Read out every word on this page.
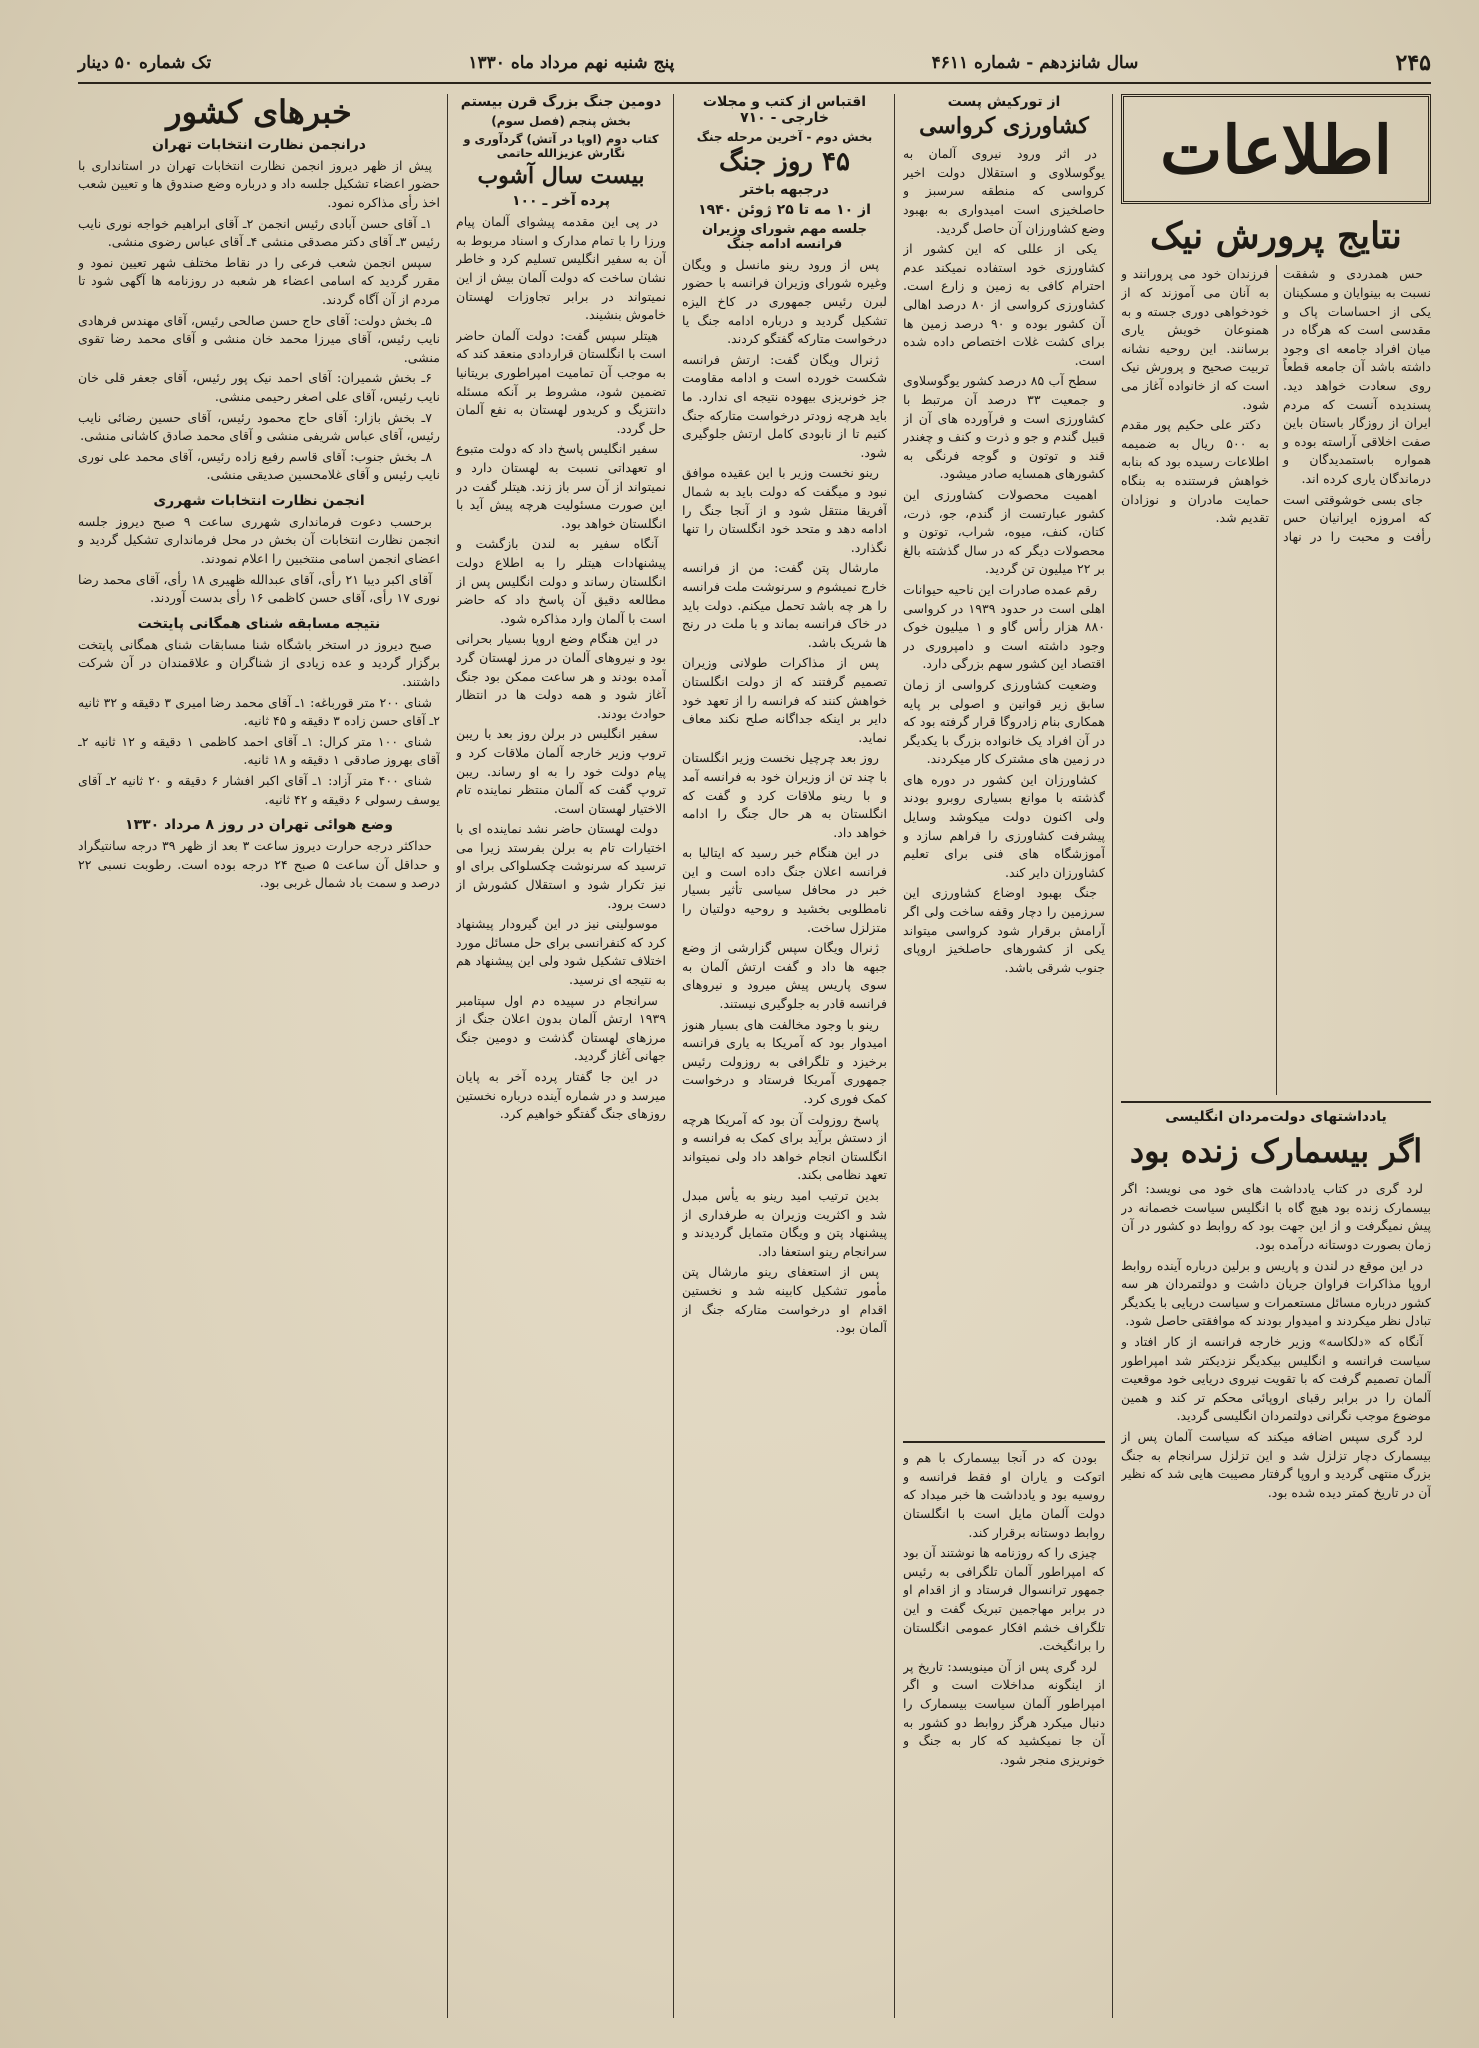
۲۴۵
سال شانزدهم - شماره ۴۶۱۱
پنج شنبه نهم مرداد ماه ۱۳۳۰
تک شماره ۵۰ دینار
اطلاعات
نتایج پرورش نیک

حس همدردی و شفقت نسبت به بینوایان و مسکینان یکی از احساسات پاک و مقدسی است که هرگاه در میان افراد جامعه ای وجود داشته باشد آن جامعه قطعاً روی سعادت خواهد دید. پسندیده آنست که مردم ایران از روزگار باستان باین صفت اخلاقی آراسته بوده و همواره باستمدیدگان و درماندگان یاری کرده اند.

جای بسی خوشوقتی است که امروزه ایرانیان حس رأفت و محبت را در نهاد فرزندان خود می پرورانند و به آنان می آموزند که از خودخواهی دوری جسته و به همنوعان خویش یاری برسانند. این روحیه نشانه تربیت صحیح و پرورش نیک است که از خانواده آغاز می شود.

دکتر علی حکیم پور مقدم به ۵۰۰ ریال به ضمیمه اطلاعات رسیده بود که بنابه خواهش فرستنده به بنگاه حمایت مادران و نوزادان تقدیم شد.

یادداشتهای دولت‌مردان انگلیسی
اگر بیسمارک زنده بود

لرد گری در کتاب یادداشت های خود می نویسد: اگر بیسمارک زنده بود هیچ گاه با انگلیس سیاست خصمانه در پیش نمیگرفت و از این جهت بود که روابط دو کشور در آن زمان بصورت دوستانه درآمده بود.

در این موقع در لندن و پاریس و برلین درباره آینده روابط اروپا مذاکرات فراوان جریان داشت و دولتمردان هر سه کشور درباره مسائل مستعمرات و سیاست دریایی با یکدیگر تبادل نظر میکردند و امیدوار بودند که موافقتی حاصل شود.

آنگاه که «دلکاسه» وزیر خارجه فرانسه از کار افتاد و سیاست فرانسه و انگلیس بیکدیگر نزدیکتر شد امپراطور آلمان تصمیم گرفت که با تقویت نیروی دریایی خود موقعیت آلمان را در برابر رقبای اروپائی محکم تر کند و همین موضوع موجب نگرانی دولتمردان انگلیسی گردید.

لرد گری سپس اضافه میکند که سیاست آلمان پس از بیسمارک دچار تزلزل شد و این تزلزل سرانجام به جنگ بزرگ منتهی گردید و اروپا گرفتار مصیبت هایی شد که نظیر آن در تاریخ کمتر دیده شده بود.

از تورکیش پست
کشاورزی کرواسی

در اثر ورود نیروی آلمان به یوگوسلاوی و استقلال دولت اخیر کرواسی که منطقه سرسبز و حاصلخیزی است امیدواری به بهبود وضع کشاورزان آن حاصل گردید.

یکی از عللی که این کشور از کشاورزی خود استفاده نمیکند عدم احترام کافی به زمین و زارع است. کشاورزی کرواسی از ۸۰ درصد اهالی آن کشور بوده و ۹۰ درصد زمین ها برای کشت غلات اختصاص داده شده است.

سطح آب ۸۵ درصد کشور یوگوسلاوی و جمعیت ۳۳ درصد آن مرتبط با کشاورزی است و فرآورده های آن از قبیل گندم و جو و ذرت و کنف و چغندر قند و توتون و گوجه فرنگی به کشورهای همسایه صادر میشود.

اهمیت محصولات کشاورزی این کشور عبارتست از گندم، جو، ذرت، کتان، کنف، میوه، شراب، توتون و محصولات دیگر که در سال گذشته بالغ بر ۲۲ میلیون تن گردید.

رقم عمده صادرات این ناحیه حیوانات اهلی است در حدود ۱۹۳۹ در کرواسی ۸۸۰ هزار رأس گاو و ۱ میلیون خوک وجود داشته است و دامپروری در اقتصاد این کشور سهم بزرگی دارد.

وضعیت کشاورزی کرواسی از زمان سابق زیر قوانین و اصولی بر پایه همکاری بنام زادروگا قرار گرفته بود که در آن افراد یک خانواده بزرگ با یکدیگر در زمین های مشترک کار میکردند.

کشاورزان این کشور در دوره های گذشته با موانع بسیاری روبرو بودند ولی اکنون دولت میکوشد وسایل پیشرفت کشاورزی را فراهم سازد و آموزشگاه های فنی برای تعلیم کشاورزان دایر کند.

جنگ بهبود اوضاع کشاورزی این سرزمین را دچار وقفه ساخت ولی اگر آرامش برقرار شود کرواسی میتواند یکی از کشورهای حاصلخیز اروپای جنوب شرقی باشد.

بودن که در آنجا بیسمارک با هم و اتوکت و یاران او فقط فرانسه و روسیه بود و یادداشت ها خبر میداد که دولت آلمان مایل است با انگلستان روابط دوستانه برقرار کند.

چیزی را که روزنامه ها نوشتند آن بود که امپراطور آلمان تلگرافی به رئیس جمهور ترانسوال فرستاد و از اقدام او در برابر مهاجمین تبریک گفت و این تلگراف خشم افکار عمومی انگلستان را برانگیخت.

لرد گری پس از آن مینویسد: تاریخ پر از اینگونه مداخلات است و اگر امپراطور آلمان سیاست بیسمارک را دنبال میکرد هرگز روابط دو کشور به آن جا نمیکشید که کار به جنگ و خونریزی منجر شود.

اقتباس از کتب و مجلات خارجی - ۷۱۰
بخش دوم - آخرین مرحله جنگ
۴۵ روز جنگ
درجبهه باختر
از ۱۰ مه تا ۲۵ ژوئن ۱۹۴۰
جلسه مهم شورای وزیران فرانسه ادامه جنگ

پس از ورود رینو مانسل و ویگان وغیره شورای وزیران فرانسه با حضور لبرن رئیس جمهوری در کاخ الیزه تشکیل گردید و درباره ادامه جنگ یا درخواست متارکه گفتگو کردند.

ژنرال ویگان گفت: ارتش فرانسه شکست خورده است و ادامه مقاومت جز خونریزی بیهوده نتیجه ای ندارد. ما باید هرچه زودتر درخواست متارکه جنگ کنیم تا از نابودی کامل ارتش جلوگیری شود.

رینو نخست وزیر با این عقیده موافق نبود و میگفت که دولت باید به شمال آفریقا منتقل شود و از آنجا جنگ را ادامه دهد و متحد خود انگلستان را تنها نگذارد.

مارشال پتن گفت: من از فرانسه خارج نمیشوم و سرنوشت ملت فرانسه را هر چه باشد تحمل میکنم. دولت باید در خاک فرانسه بماند و با ملت در رنج ها شریک باشد.

پس از مذاکرات طولانی وزیران تصمیم گرفتند که از دولت انگلستان خواهش کنند که فرانسه را از تعهد خود دایر بر اینکه جداگانه صلح نکند معاف نماید.

روز بعد چرچیل نخست وزیر انگلستان با چند تن از وزیران خود به فرانسه آمد و با رینو ملاقات کرد و گفت که انگلستان به هر حال جنگ را ادامه خواهد داد.

در این هنگام خبر رسید که ایتالیا به فرانسه اعلان جنگ داده است و این خبر در محافل سیاسی تأثیر بسیار نامطلوبی بخشید و روحیه دولتیان را متزلزل ساخت.

ژنرال ویگان سپس گزارشی از وضع جبهه ها داد و گفت ارتش آلمان به سوی پاریس پیش میرود و نیروهای فرانسه قادر به جلوگیری نیستند.

رینو با وجود مخالفت های بسیار هنوز امیدوار بود که آمریکا به یاری فرانسه برخیزد و تلگرافی به روزولت رئیس جمهوری آمریکا فرستاد و درخواست کمک فوری کرد.

پاسخ روزولت آن بود که آمریکا هرچه از دستش برآید برای کمک به فرانسه و انگلستان انجام خواهد داد ولی نمیتواند تعهد نظامی بکند.

بدین ترتیب امید رینو به یأس مبدل شد و اکثریت وزیران به طرفداری از پیشنهاد پتن و ویگان متمایل گردیدند و سرانجام رینو استعفا داد.

پس از استعفای رینو مارشال پتن مأمور تشکیل کابینه شد و نخستین اقدام او درخواست متارکه جنگ از آلمان بود.

دومین جنگ بزرگ قرن بیستم
بخش پنجم (فصل سوم)
کتاب دوم (اوپا در آتش) گردآوری و نگارش عزیزالله حاتمی
بیست سال آشوب
پرده آخر ـ ۱۰۰

در پی این مقدمه پیشوای آلمان پیام ورزا را با تمام مدارک و اسناد مربوط به آن به سفیر انگلیس تسلیم کرد و خاطر نشان ساخت که دولت آلمان بیش از این نمیتواند در برابر تجاوزات لهستان خاموش بنشیند.

هیتلر سپس گفت: دولت آلمان حاضر است با انگلستان قراردادی منعقد کند که به موجب آن تمامیت امپراطوری بریتانیا تضمین شود، مشروط بر آنکه مسئله دانتزیگ و کریدور لهستان به نفع آلمان حل گردد.

سفیر انگلیس پاسخ داد که دولت متبوع او تعهداتی نسبت به لهستان دارد و نمیتواند از آن سر باز زند. هیتلر گفت در این صورت مسئولیت هرچه پیش آید با انگلستان خواهد بود.

آنگاه سفیر به لندن بازگشت و پیشنهادات هیتلر را به اطلاع دولت انگلستان رساند و دولت انگلیس پس از مطالعه دقیق آن پاسخ داد که حاضر است با آلمان وارد مذاکره شود.

در این هنگام وضع اروپا بسیار بحرانی بود و نیروهای آلمان در مرز لهستان گرد آمده بودند و هر ساعت ممکن بود جنگ آغاز شود و همه دولت ها در انتظار حوادث بودند.

سفیر انگلیس در برلن روز بعد با ریبن تروپ وزیر خارجه آلمان ملاقات کرد و پیام دولت خود را به او رساند. ریبن تروپ گفت که آلمان منتظر نماینده تام الاختیار لهستان است.

دولت لهستان حاضر نشد نماینده ای با اختیارات تام به برلن بفرستد زیرا می ترسید که سرنوشت چکسلواکی برای او نیز تکرار شود و استقلال کشورش از دست برود.

موسولینی نیز در این گیرودار پیشنهاد کرد که کنفرانسی برای حل مسائل مورد اختلاف تشکیل شود ولی این پیشنهاد هم به نتیجه ای نرسید.

سرانجام در سپیده دم اول سپتامبر ۱۹۳۹ ارتش آلمان بدون اعلان جنگ از مرزهای لهستان گذشت و دومین جنگ جهانی آغاز گردید.

در این جا گفتار پرده آخر به پایان میرسد و در شماره آینده درباره نخستین روزهای جنگ گفتگو خواهیم کرد.

خبرهای کشور
درانجمن نظارت انتخابات تهران

پیش از ظهر دیروز انجمن نظارت انتخابات تهران در استانداری با حضور اعضاء تشکیل جلسه داد و درباره وضع صندوق ها و تعیین شعب اخذ رأی مذاکره نمود.

۱ـ آقای حسن آبادی رئیس انجمن ۲ـ آقای ابراهیم خواجه نوری نایب رئیس ۳ـ آقای دکتر مصدقی منشی ۴ـ آقای عباس رضوی منشی.

سپس انجمن شعب فرعی را در نقاط مختلف شهر تعیین نمود و مقرر گردید که اسامی اعضاء هر شعبه در روزنامه ها آگهی شود تا مردم از آن آگاه گردند.

۵ـ بخش دولت: آقای حاج حسن صالحی رئیس، آقای مهندس فرهادی نایب رئیس، آقای میرزا محمد خان منشی و آقای محمد رضا تقوی منشی.

۶ـ بخش شمیران: آقای احمد نیک پور رئیس، آقای جعفر قلی خان نایب رئیس، آقای علی اصغر رحیمی منشی.

۷ـ بخش بازار: آقای حاج محمود رئیس، آقای حسین رضائی نایب رئیس، آقای عباس شریفی منشی و آقای محمد صادق کاشانی منشی.

۸ـ بخش جنوب: آقای قاسم رفیع زاده رئیس، آقای محمد علی نوری نایب رئیس و آقای غلامحسین صدیقی منشی.

انجمن نظارت انتخابات شهرری

برحسب دعوت فرمانداری شهرری ساعت ۹ صبح دیروز جلسه انجمن نظارت انتخابات آن بخش در محل فرمانداری تشکیل گردید و اعضای انجمن اسامی منتخبین را اعلام نمودند.

آقای اکبر دیبا ۲۱ رأی، آقای عبدالله ظهیری ۱۸ رأی، آقای محمد رضا نوری ۱۷ رأی، آقای حسن کاظمی ۱۶ رأی بدست آوردند.

نتیجه مسابقه شنای همگانی پایتخت

صبح دیروز در استخر باشگاه شنا مسابقات شنای همگانی پایتخت برگزار گردید و عده زیادی از شناگران و علاقمندان در آن شرکت داشتند.

شنای ۲۰۰ متر قورباغه: ۱ـ آقای محمد رضا امیری ۳ دقیقه و ۳۲ ثانیه ۲ـ آقای حسن زاده ۳ دقیقه و ۴۵ ثانیه.

شنای ۱۰۰ متر کرال: ۱ـ آقای احمد کاظمی ۱ دقیقه و ۱۲ ثانیه ۲ـ آقای بهروز صادقی ۱ دقیقه و ۱۸ ثانیه.

شنای ۴۰۰ متر آزاد: ۱ـ آقای اکبر افشار ۶ دقیقه و ۲۰ ثانیه ۲ـ آقای یوسف رسولی ۶ دقیقه و ۴۲ ثانیه.

وضع هوائی تهران در روز ۸ مرداد ۱۳۳۰

حداکثر درجه حرارت دیروز ساعت ۳ بعد از ظهر ۳۹ درجه سانتیگراد و حداقل آن ساعت ۵ صبح ۲۴ درجه بوده است. رطوبت نسبی ۲۲ درصد و سمت باد شمال غربی بود.
